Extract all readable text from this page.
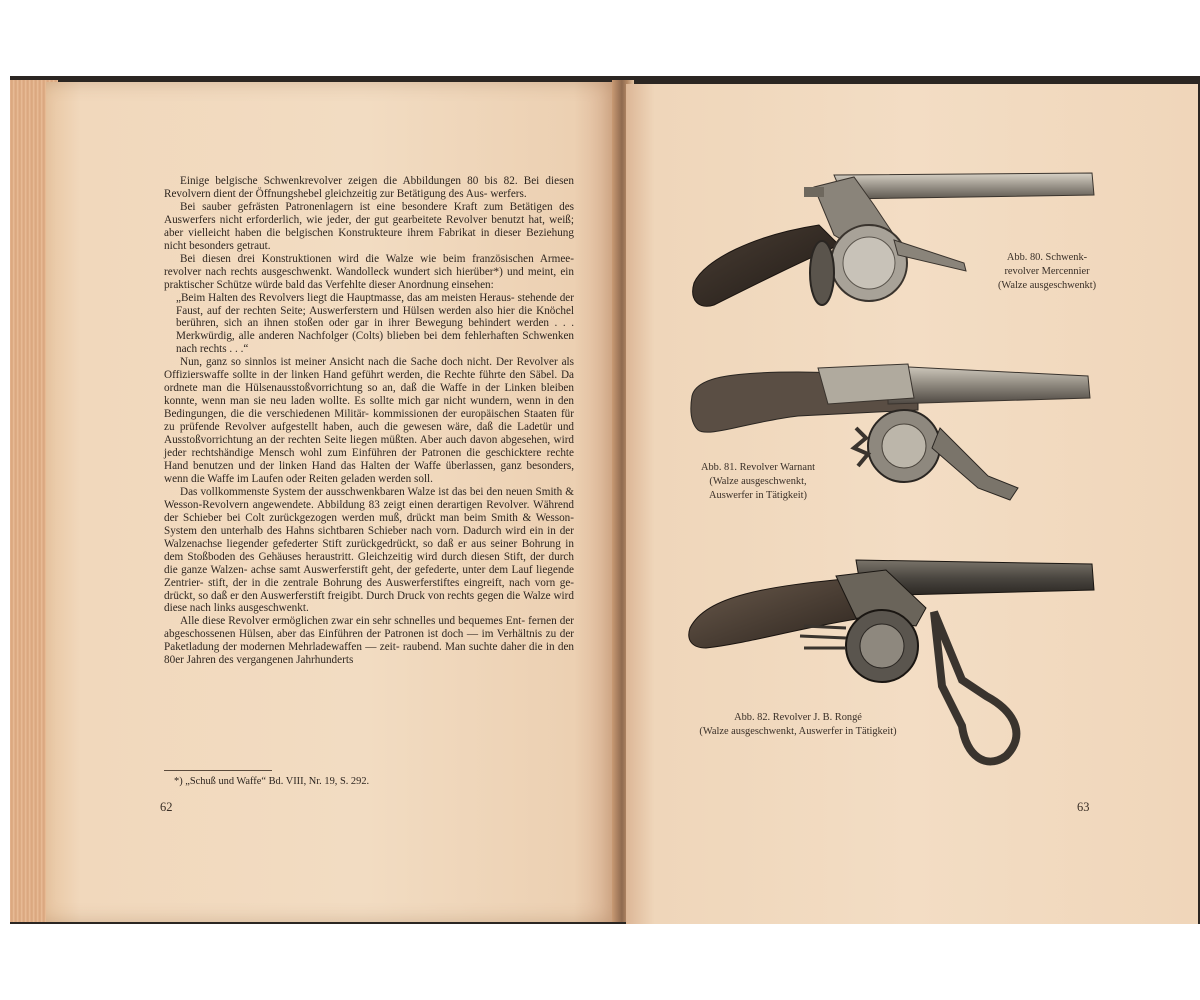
Einige belgische Schwenkrevolver zeigen die Abbildungen 80 bis 82. Bei diesen Revolvern dient der Öffnungshebel gleichzeitig zur Betätigung des Aus- werfers.

Bei sauber gefrästen Patronenlagern ist eine besondere Kraft zum Betätigen des Auswerfers nicht erforderlich, wie jeder, der gut gearbeitete Revolver benutzt hat, weiß; aber vielleicht haben die belgischen Konstrukteure ihrem Fabrikat in dieser Beziehung nicht besonders getraut.

Bei diesen drei Konstruktionen wird die Walze wie beim französischen Armee- revolver nach rechts ausgeschwenkt. Wandolleck wundert sich hierüber*) und meint, ein praktischer Schütze würde bald das Verfehlte dieser Anordnung einsehen:

„Beim Halten des Revolvers liegt die Hauptmasse, das am meisten Heraus- stehende der Faust, auf der rechten Seite; Auswerferstern und Hülsen werden also hier die Knöchel berühren, sich an ihnen stoßen oder gar in ihrer Bewegung behindert werden . . . Merkwürdig, alle anderen Nachfolger (Colts) blieben bei dem fehlerhaften Schwenken nach rechts . . .“

Nun, ganz so sinnlos ist meiner Ansicht nach die Sache doch nicht. Der Revolver als Offizierswaffe sollte in der linken Hand geführt werden, die Rechte führte den Säbel. Da ordnete man die Hülsenausstoßvorrichtung so an, daß die Waffe in der Linken bleiben konnte, wenn man sie neu laden wollte. Es sollte mich gar nicht wundern, wenn in den Bedingungen, die die verschiedenen Militär- kommissionen der europäischen Staaten für zu prüfende Revolver aufgestellt haben, auch die gewesen wäre, daß die Ladetür und Ausstoßvorrichtung an der rechten Seite liegen müßten. Aber auch davon abgesehen, wird jeder rechtshändige Mensch wohl zum Einführen der Patronen die geschicktere rechte Hand benutzen und der linken Hand das Halten der Waffe überlassen, ganz besonders, wenn die Waffe im Laufen oder Reiten geladen werden soll.

Das vollkommenste System der ausschwenkbaren Walze ist das bei den neuen Smith & Wesson-Revolvern angewendete. Abbildung 83 zeigt einen derartigen Revolver. Während der Schieber bei Colt zurückgezogen werden muß, drückt man beim Smith & Wesson-System den unterhalb des Hahns sichtbaren Schieber nach vorn. Dadurch wird ein in der Walzenachse liegender gefederter Stift zurückgedrückt, so daß er aus seiner Bohrung in dem Stoßboden des Gehäuses heraustritt. Gleichzeitig wird durch diesen Stift, der durch die ganze Walzen- achse samt Auswerferstift geht, der gefederte, unter dem Lauf liegende Zentrier- stift, der in die zentrale Bohrung des Auswerferstiftes eingreift, nach vorn ge- drückt, so daß er den Auswerferstift freigibt. Durch Druck von rechts gegen die Walze wird diese nach links ausgeschwenkt.

Alle diese Revolver ermöglichen zwar ein sehr schnelles und bequemes Ent- fernen der abgeschossenen Hülsen, aber das Einführen der Patronen ist doch — im Verhältnis zu der Paketladung der modernen Mehrladewaffen — zeit- raubend. Man suchte daher die in den 80er Jahren des vergangenen Jahrhunderts

*) „Schuß und Waffe“ Bd. VIII, Nr. 19, S. 292.
62	63
Abb. 80. Schwenk-
revolver Mercennier
(Walze ausgeschwenkt)
Abb. 81. Revolver Warnant
(Walze ausgeschwenkt,
Auswerfer in Tätigkeit)
Abb. 82. Revolver J. B. Rongé
(Walze ausgeschwenkt, Auswerfer in Tätigkeit)
